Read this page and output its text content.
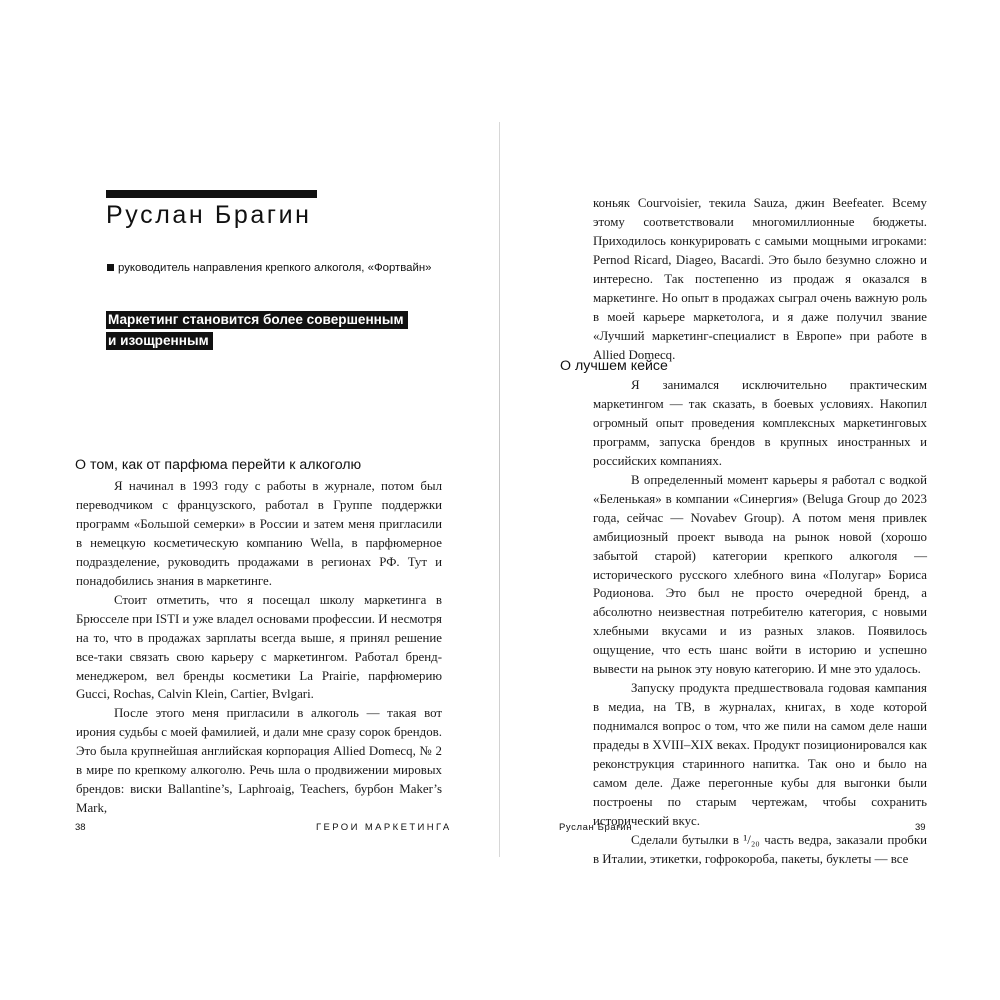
Руслан Брагин
руководитель направления крепкого алкоголя, «Фортвайн»
Маркетинг становится более совершенным
и изощренным
О том, как от парфюма перейти к алкоголю

Я начинал в 1993 году с работы в журнале, потом был переводчиком с французского, работал в Группе поддержки программ «Большой семерки» в России и затем меня пригласили в немецкую косметическую компанию Wella, в парфюмерное подразделение, руководить продажами в регионах РФ. Тут и понадобились знания в маркетинге.

Стоит отметить, что я посещал школу маркетинга в Брюсселе при ISTI и уже владел основами профессии. И несмотря на то, что в продажах зарплаты всегда выше, я принял решение все-таки связать свою карьеру с маркетингом. Работал бренд-менеджером, вел бренды косметики La Prairie, парфюмерию Gucci, Rochas, Calvin Klein, Cartier, Bvlgari.

После этого меня пригласили в алкоголь — такая вот ирония судьбы с моей фамилией, и дали мне сразу сорок брендов. Это была крупнейшая английская корпорация Allied Domecq, № 2 в мире по крепкому алкоголю. Речь шла о продвижении мировых брендов: виски Ballantine’s, Laphroaig, Teachers, бурбон Maker’s Mark,

38	ГЕРОИ МАРКЕТИНГА

коньяк Courvoisier, текила Sauza, джин Beefeater. Всему этому соответствовали многомиллионные бюджеты. Приходилось конкурировать с самыми мощными игроками: Pernod Ricard, Diageo, Bacardi. Это было безумно сложно и интересно. Так постепенно из продаж я оказался в маркетинге. Но опыт в продажах сыграл очень важную роль в моей карьере маркетолога, и я даже получил звание «Лучший маркетинг-специалист в Европе» при работе в Allied Domecq.

О лучшем кейсе

Я занимался исключительно практическим маркетингом — так сказать, в боевых условиях. Накопил огромный опыт проведения комплексных маркетинговых программ, запуска брендов в крупных иностранных и российских компаниях.

В определенный момент карьеры я работал с водкой «Беленькая» в компании «Синергия» (Beluga Group до 2023 года, сейчас — Novabev Group). А потом меня привлек амбициозный проект вывода на рынок новой (хорошо забытой старой) категории крепкого алкоголя — исторического русского хлебного вина «Полугар» Бориса Родионова. Это был не просто очередной бренд, а абсолютно неизвестная потребителю категория, с новыми хлебными вкусами и из разных злаков. Появилось ощущение, что есть шанс войти в историю и успешно вывести на рынок эту новую категорию. И мне это удалось.

Запуску продукта предшествовала годовая кампания в медиа, на ТВ, в журналах, книгах, в ходе которой поднимался вопрос о том, что же пили на самом деле наши прадеды в XVIII–XIX веках. Продукт позиционировался как реконструкция старинного напитка. Так оно и было на самом деле. Даже перегонные кубы для выгонки были построены по старым чертежам, чтобы сохранить исторический вкус.

Сделали бутылки в ¹/₂₀ часть ведра, заказали пробки в Италии, этикетки, гофрокороба, пакеты, буклеты — все

Руслан Брагин	39
